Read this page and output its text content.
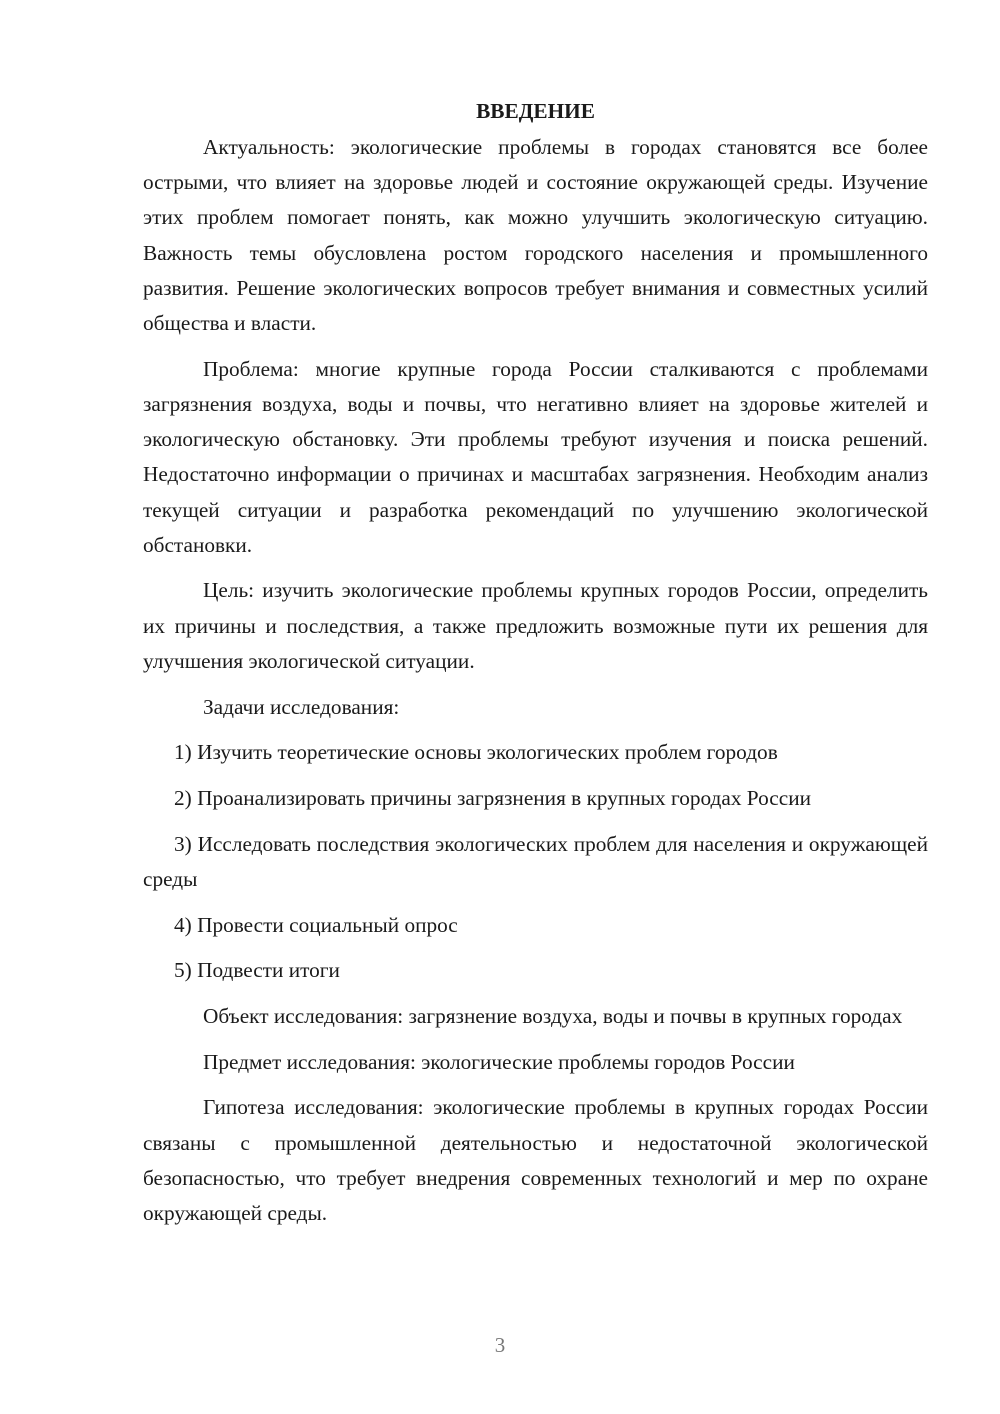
ВВЕДЕНИЕ

Актуальность: экологические проблемы в городах становятся все более острыми, что влияет на здоровье людей и состояние окружающей среды. Изучение этих проблем помогает понять, как можно улучшить экологическую ситуацию. Важность темы обусловлена ростом городского населения и промышленного развития. Решение экологических вопросов требует внимания и совместных усилий общества и власти.

Проблема: многие крупные города России сталкиваются с проблемами загрязнения воздуха, воды и почвы, что негативно влияет на здоровье жителей и экологическую обстановку. Эти проблемы требуют изучения и поиска решений. Недостаточно информации о причинах и масштабах загрязнения. Необходим анализ текущей ситуации и разработка рекомендаций по улучшению экологической обстановки.

Цель: изучить экологические проблемы крупных городов России, определить их причины и последствия, а также предложить возможные пути их решения для улучшения экологической ситуации.

Задачи исследования:

1) Изучить теоретические основы экологических проблем городов

2) Проанализировать причины загрязнения в крупных городах России

3) Исследовать последствия экологических проблем для населения и окружающей среды

4) Провести социальный опрос

5) Подвести итоги

Объект исследования: загрязнение воздуха, воды и почвы в крупных городах

Предмет исследования: экологические проблемы городов России

Гипотеза исследования: экологические проблемы в крупных городах России связаны с промышленной деятельностью и недостаточной экологической безопасностью, что требует внедрения современных технологий и мер по охране окружающей среды.

3
